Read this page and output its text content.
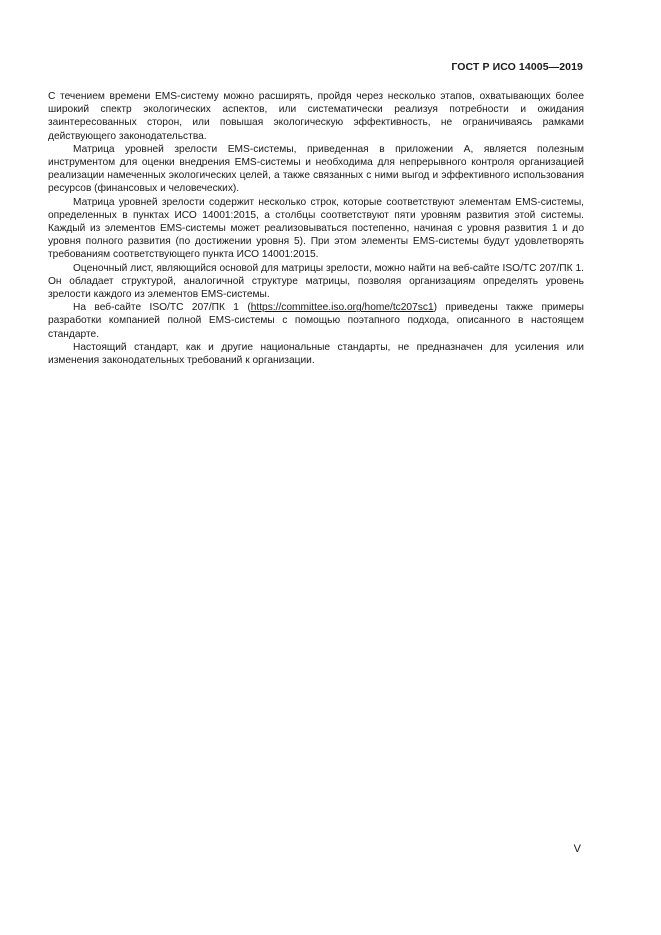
ГОСТ Р ИСО 14005—2019

С течением времени EMS-систему можно расширять, пройдя через несколько этапов, охватывающих более широкий спектр экологических аспектов, или систематически реализуя потребности и ожидания заинтересованных сторон, или повышая экологическую эффективность, не ограничиваясь рамками действующего законодательства.

Матрица уровней зрелости EMS-системы, приведенная в приложении А, является полезным инструментом для оценки внедрения EMS-системы и необходима для непрерывного контроля организацией реализации намеченных экологических целей, а также связанных с ними выгод и эффективного использования ресурсов (финансовых и человеческих).

Матрица уровней зрелости содержит несколько строк, которые соответствуют элементам EMS-системы, определенных в пунктах ИСО 14001:2015, а столбцы соответствуют пяти уровням развития этой системы. Каждый из элементов EMS-системы может реализовываться постепенно, начиная с уровня развития 1 и до уровня полного развития (по достижении уровня 5). При этом элементы EMS-системы будут удовлетворять требованиям соответствующего пункта ИСО 14001:2015.

Оценочный лист, являющийся основой для матрицы зрелости, можно найти на веб-сайте ISO/TC 207/ПК 1. Он обладает структурой, аналогичной структуре матрицы, позволяя организациям определять уровень зрелости каждого из элементов EMS-системы.

На веб-сайте ISO/TC 207/ПК 1 (https://committee.iso.org/home/tc207sc1) приведены также примеры разработки компанией полной EMS-системы с помощью поэтапного подхода, описанного в настоящем стандарте.

Настоящий стандарт, как и другие национальные стандарты, не предназначен для усиления или изменения законодательных требований к организации.

V
